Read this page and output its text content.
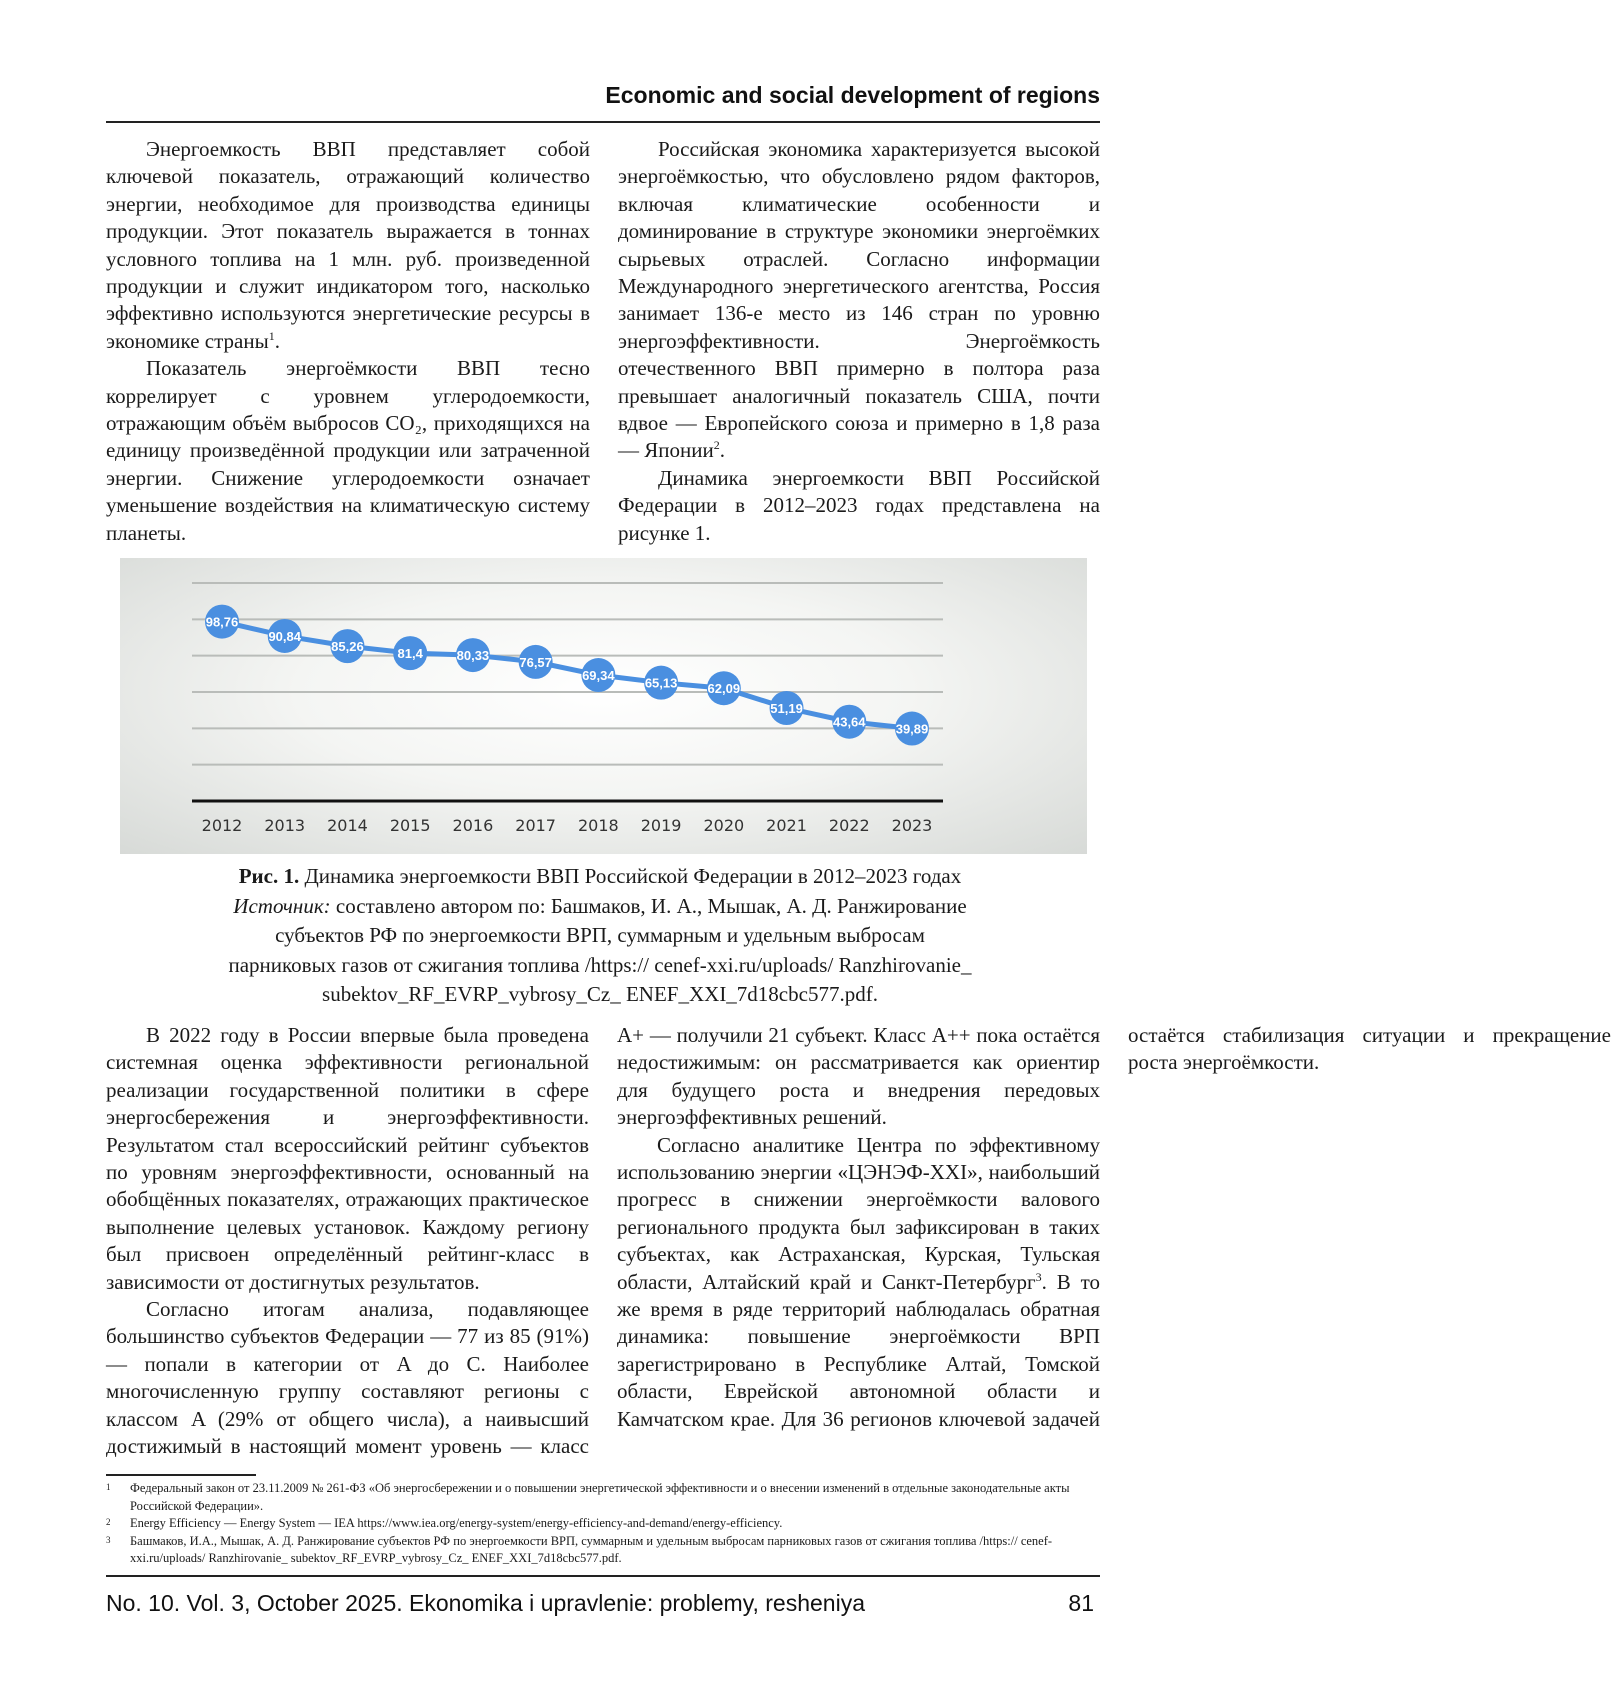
Economic and social development of regions

Энергоемкость ВВП представляет собой ключевой показатель, отражающий количество энергии, необходимое для производства единицы продукции. Этот показатель выражается в тоннах условного топлива на 1 млн. руб. произведенной продукции и служит индикатором того, насколько эффективно используются энергетические ресурсы в экономике страны$^1$.

Показатель энергоёмкости ВВП тесно коррелирует с уровнем углеродоемкости, отражающим объём выбросов CO₂, приходящихся на единицу произведённой продукции или затраченной энергии. Снижение углеродоемкости означает уменьшение воздействия на климатическую систему планеты.

Российская экономика характеризуется высокой энергоёмкостью, что обусловлено рядом факторов, включая климатические особенности и доминирование в структуре экономики энергоёмких сырьевых отраслей. Согласно информации Международного энергетического агентства, Россия занимает 136-е место из 146 стран по уровню энергоэффективности. Энергоёмкость отечественного ВВП примерно в полтора раза превышает аналогичный показатель США, почти вдвое — Европейского союза и примерно в 1,8 раза — Японии$^2$.

Динамика энергоемкости ВВП Российской Федерации в 2012–2023 годах представлена на рисунке 1.

98,76
2012
90,84
2013
85,26
2014
81,4
2015
80,33
2016
76,57
2017
69,34
2018
65,13
2019
62,09
2020
51,19
2021
43,64
2022
39,89
2023
Рис. 1. Динамика энергоемкости ВВП Российской Федерации в 2012–2023 годах
Источник: составлено автором по: Башмаков, И. А., Мышак, А. Д. Ранжирование
субъектов РФ по энергоемкости ВРП, суммарным и удельным выбросам
парниковых газов от сжигания топлива /https:// cenef-xxi.ru/uploads/ Ranzhirovanie_
subektov_RF_EVRP_vybrosy_Cz_ ENEF_XXI_7d18cbc577.pdf.

В 2022 году в России впервые была проведена системная оценка эффективности региональной реализации государственной политики в сфере энергосбережения и энергоэффективности. Результатом стал всероссийский рейтинг субъектов по уровням энергоэффективности, основанный на обобщённых показателях, отражающих практическое выполнение целевых установок. Каждому региону был присвоен определённый рейтинг-класс в зависимости от достигнутых результатов.

Согласно итогам анализа, подавляющее большинство субъектов Федерации — 77 из 85 (91%) — попали в категории от A до C. Наиболее многочисленную группу составляют регионы с классом A (29% от общего числа), а наивысший достижимый в настоящий момент уровень — класс A+ — получили 21 субъект. Класс A++ пока остаётся недостижимым: он рассматривается как ориентир для будущего роста и внедрения передовых энергоэффективных решений.

Согласно аналитике Центра по эффективному использованию энергии «ЦЭНЭФ-XXI», наибольший прогресс в снижении энергоёмкости валового регионального продукта был зафиксирован в таких субъектах, как Астраханская, Курская, Тульская области, Алтайский край и Санкт-Петербург$^3$. В то же время в ряде территорий наблюдалась обратная динамика: повышение энергоёмкости ВРП зарегистрировано в Республике Алтай, Томской области, Еврейской автономной области и Камчатском крае. Для 36 регионов ключевой задачей остаётся стабилизация ситуации и прекращение роста энергоёмкости.

1	Федеральный закон от 23.11.2009 № 261-ФЗ «Об энергосбережении и о повышении энергетической эффективности и о внесении изменений в отдельные законодательные акты Российской Федерации».
2	Energy Efficiency — Energy System — IEA https://www.iea.org/energy-system/energy-efficiency-and-demand/energy-efficiency.
3	Башмаков, И.А., Мышак, А. Д. Ранжирование субъектов РФ по энергоемкости ВРП, суммарным и удельным выбросам парниковых газов от сжигания топлива /https:// cenef-xxi.ru/uploads/ Ranzhirovanie_ subektov_RF_EVRP_vybrosy_Cz_ ENEF_XXI_7d18cbc577.pdf.
No. 10. Vol. 3, October 2025. Ekonomika i upravlenie: problemy, resheniya	81
